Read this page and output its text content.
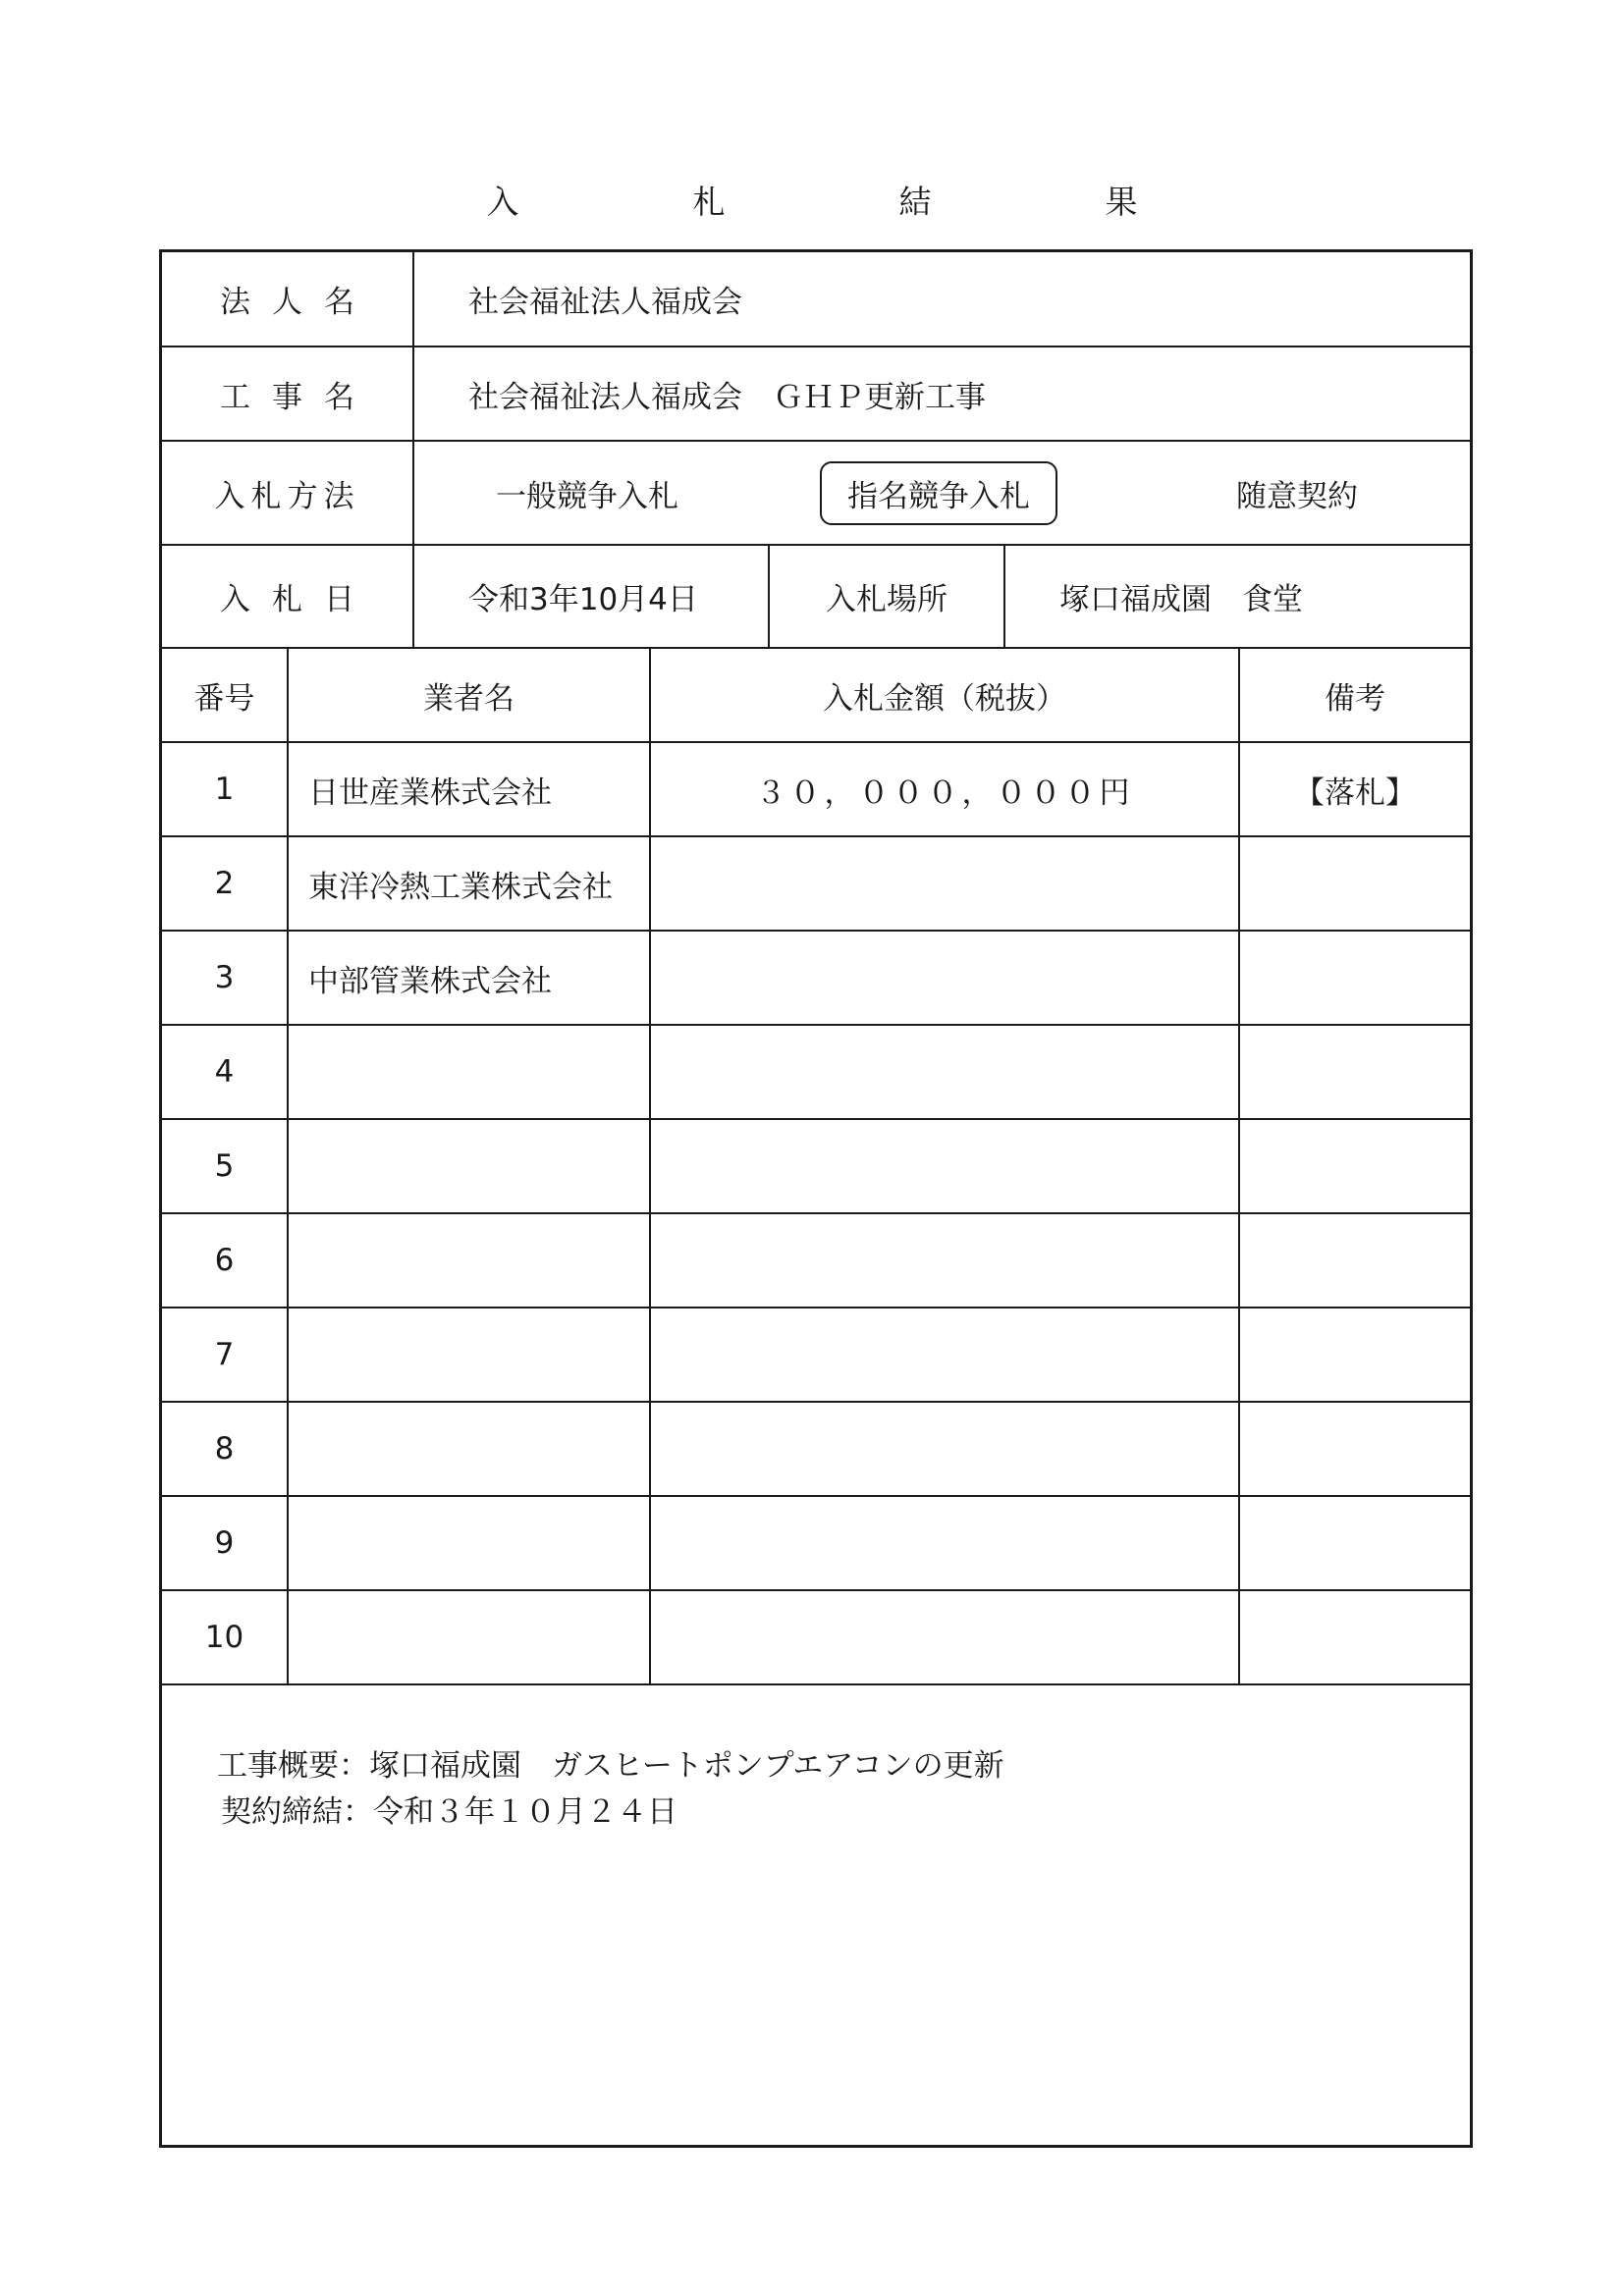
入	札	結	果
法人名	社会福祉法人福成会
工事名	社会福祉法人福成会　ＧＨＰ更新工事
入札方法	一般競争入札	指名競争入札	随意契約
入札日	令和3年10月4日	入札場所	塚口福成園　食堂
番号	業者名	入札金額（税抜）	備考
1	日世産業株式会社	３０，０００，０００円	【落札】
2	東洋冷熱工業株式会社
3	中部管業株式会社
4
5
6
7
8
9
10
工事概要：塚口福成園　ガスヒートポンプエアコンの更新
契約締結：令和３年１０月２４日
